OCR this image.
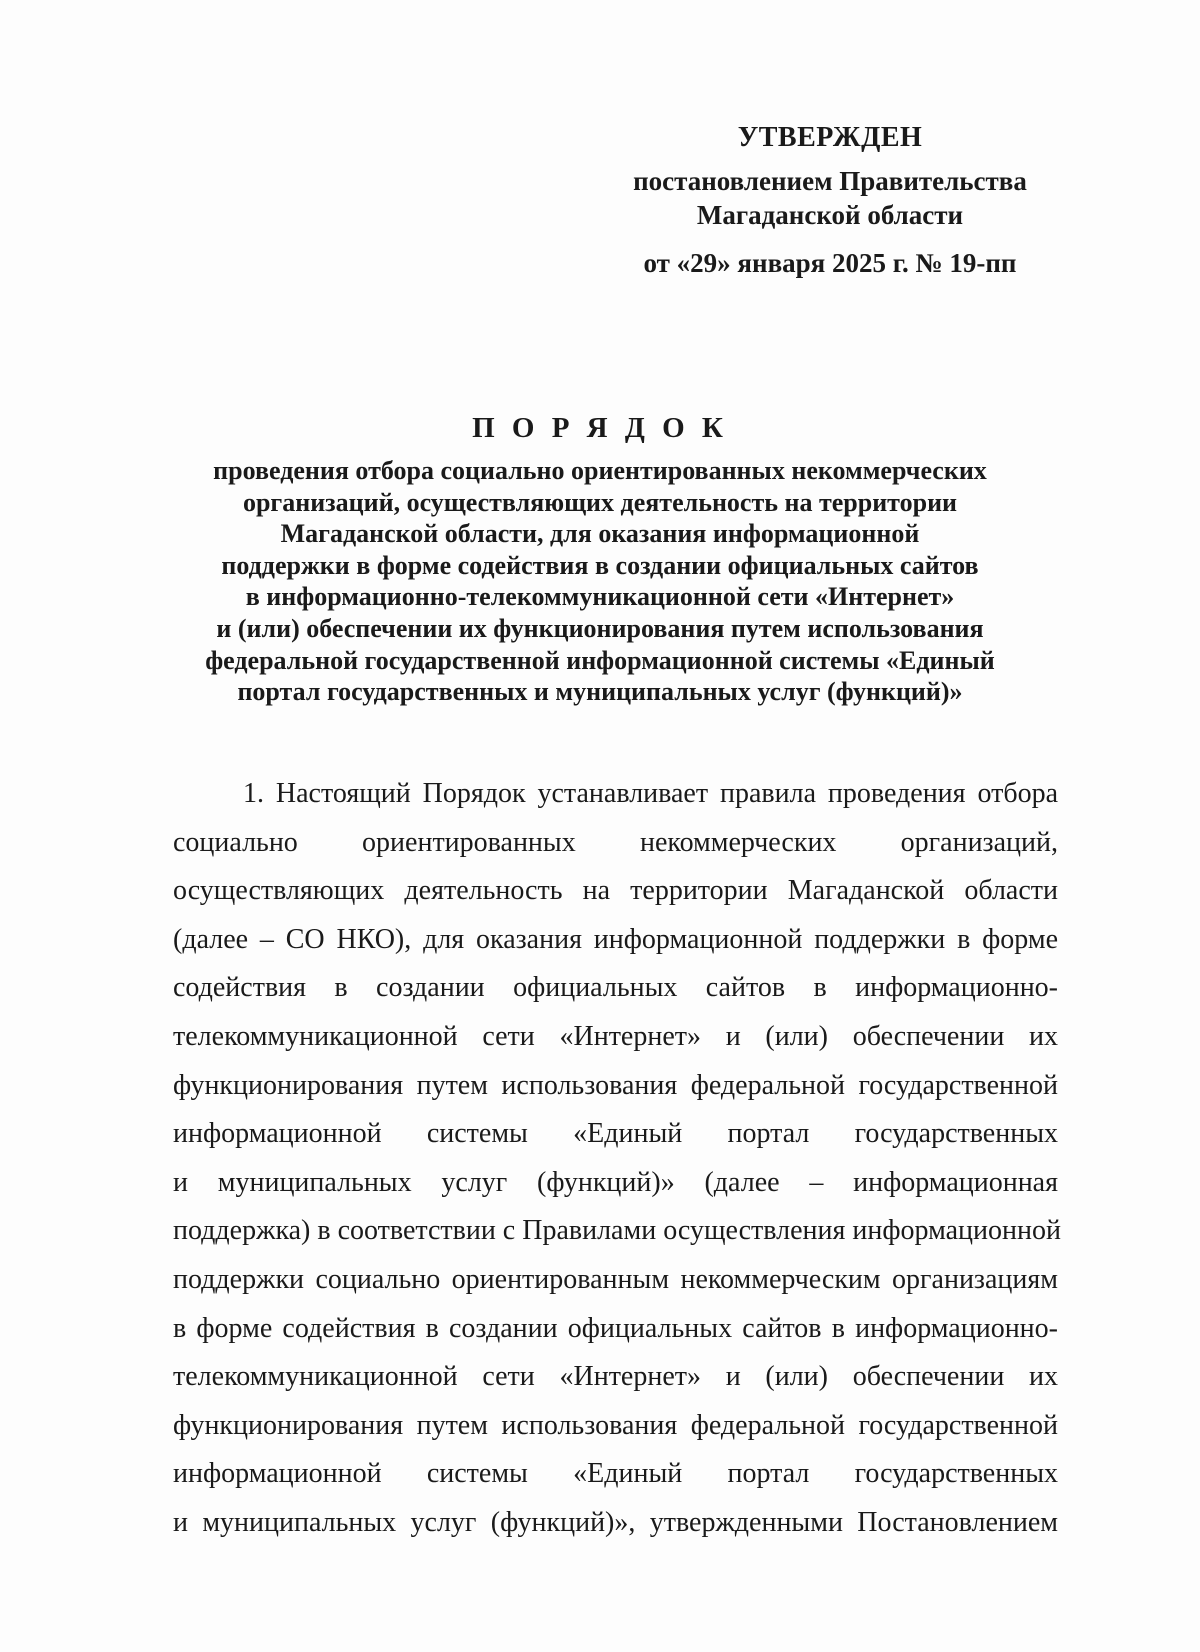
УТВЕРЖДЕН
постановлением Правительства
Магаданской области
от «29» января 2025 г. № 19-пп
П О Р Я Д О К
проведения отбора социально ориентированных некоммерческих
организаций, осуществляющих деятельность на территории
Магаданской области, для оказания информационной
поддержки в форме содействия в создании официальных сайтов
в информационно-телекоммуникационной сети «Интернет»
и (или) обеспечении их функционирования путем использования
федеральной государственной информационной системы «Единый
портал государственных и муниципальных услуг (функций)»
1. Настоящий Порядок устанавливает правила проведения отбора
социально ориентированных некоммерческих организаций,
осуществляющих деятельность на территории Магаданской области
(далее – СО НКО), для оказания информационной поддержки в форме
содействия в создании официальных сайтов в информационно-
телекоммуникационной сети «Интернет» и (или) обеспечении их
функционирования путем использования федеральной государственной
информационной системы «Единый портал государственных
и муниципальных услуг (функций)» (далее – информационная
поддержка) в соответствии с Правилами осуществления информационной
поддержки социально ориентированным некоммерческим организациям
в форме содействия в создании официальных сайтов в информационно-
телекоммуникационной сети «Интернет» и (или) обеспечении их
функционирования путем использования федеральной государственной
информационной системы «Единый портал государственных
и муниципальных услуг (функций)», утвержденными Постановлением
